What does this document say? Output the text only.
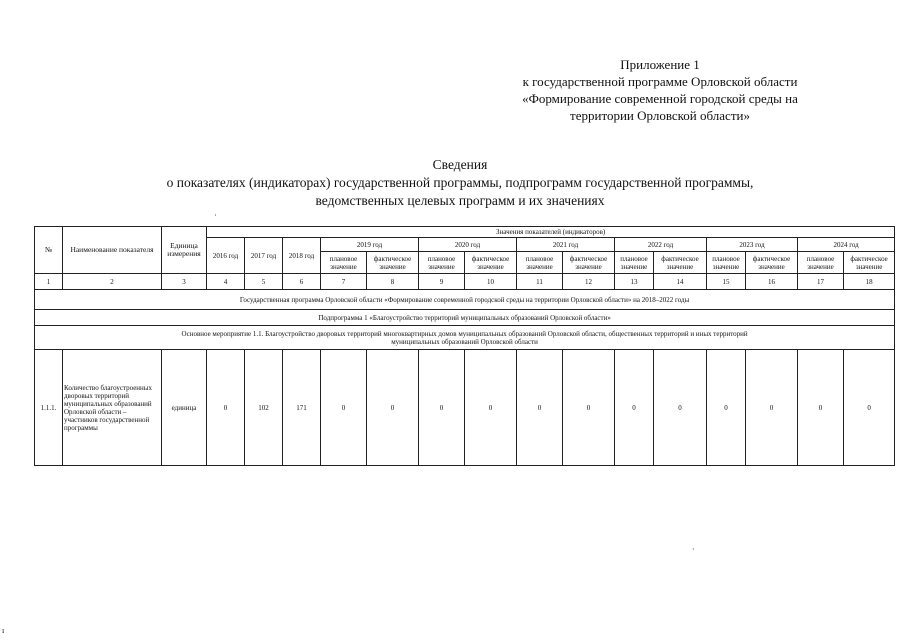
Приложение 1
к государственной программе Орловской области
«Формирование современной городской среды на
территории Орловской области»
Сведения
о показателях (индикаторах) государственной программы, подпрограмм государственной программы,
ведомственных целевых программ и их значениях
˙
№	Наименование показателя	Единица измерения	Значения показателей (индикаторов)														
			2016 год	2017 год	2018 год	2019 год		2020 год		2021 год		2022 год		2023 год		2024 год	
						плановое значение	фактическое значение	плановое значение	фактическое значение	плановое значение	фактическое значение	плановое значение	фактическое значение	плановое значение	фактическое значение	плановое значение	фактическое значение
1	2	3	4	5	6	7	8	9	10	11	12	13	14	15	16	17	18
Государственная программа Орловской области «Формирование современной городской среды на территории Орловской области» на 2018–2022 годы																	
Подпрограмма 1 «Благоустройство территорий муниципальных образований Орловской области»																	

Основное мероприятие 1.1. Благоустройство дворовых территорий многоквартирных домов муниципальных образований Орловской области, общественных территорий и иных территорий
муниципальных образований Орловской области																	

1.1.1.	Количество благоустроенных дворовых территорий муниципальных образований Орловской области – участников государственной программы	единица	0	102	171	0	0	0	0	0	0	0	0	0	0	0	0
·
ı
